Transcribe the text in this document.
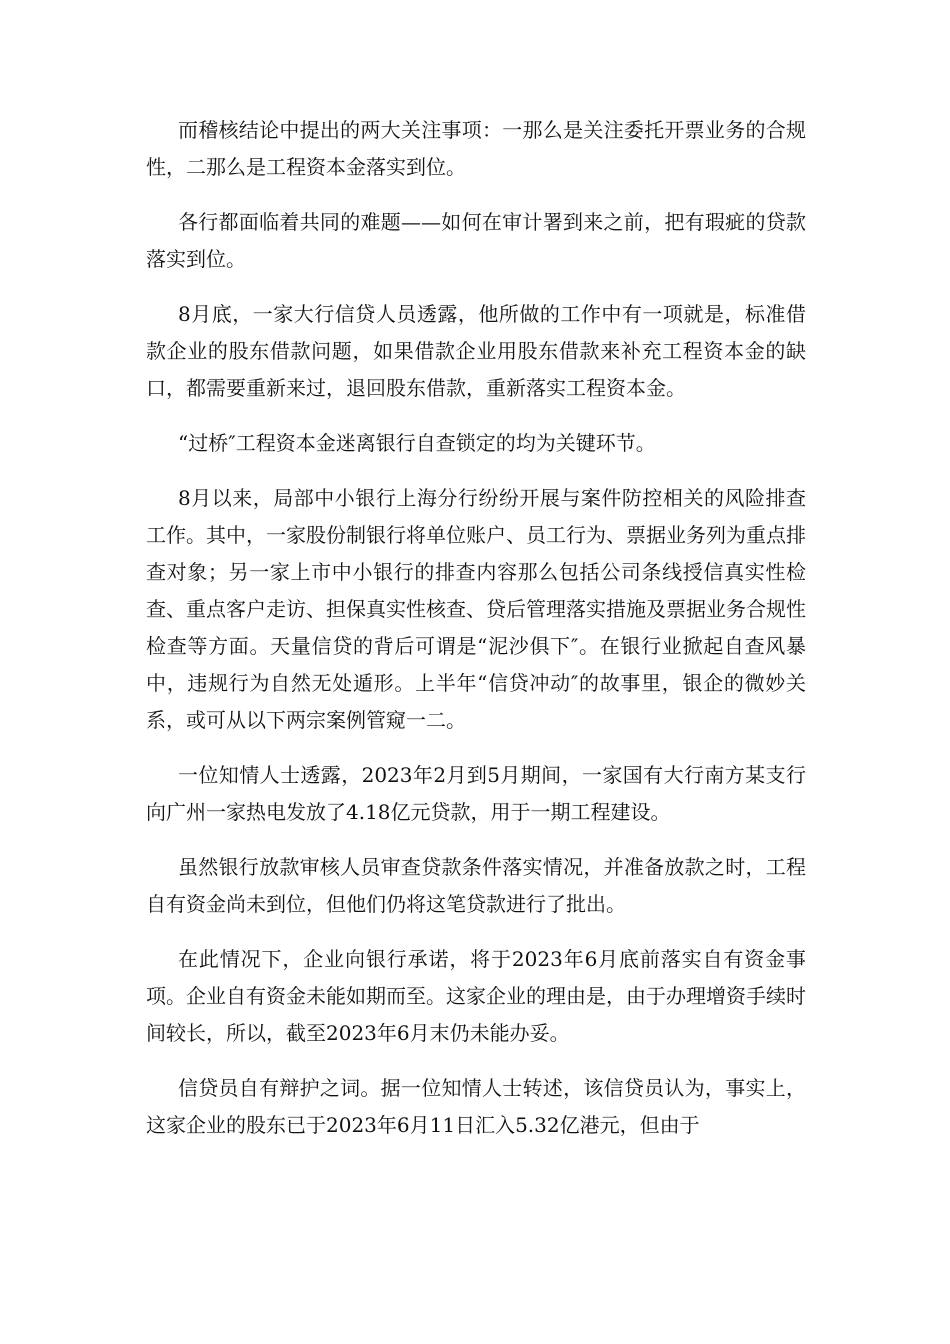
而稽核结论中提出的两大关注事项：一那么是关注委托开票业务的合规性，二那么是工程资本金落实到位。

各行都面临着共同的难题——如何在审计署到来之前，把有瑕疵的贷款落实到位。

8月底，一家大行信贷人员透露，他所做的工作中有一项就是，标准借款企业的股东借款问题，如果借款企业用股东借款来补充工程资本金的缺口，都需要重新来过，退回股东借款，重新落实工程资本金。

“过桥″工程资本金迷离银行自查锁定的均为关键环节。

8月以来，局部中小银行上海分行纷纷开展与案件防控相关的风险排查工作。其中，一家股份制银行将单位账户、员工行为、票据业务列为重点排查对象；另一家上市中小银行的排查内容那么包括公司条线授信真实性检查、重点客户走访、担保真实性核查、贷后管理落实措施及票据业务合规性检查等方面。天量信贷的背后可谓是“泥沙俱下″。在银行业掀起自查风暴中，违规行为自然无处遁形。上半年“信贷冲动″的故事里，银企的微妙关系，或可从以下两宗案例管窥一二。

一位知情人士透露，2023年2月到5月期间，一家国有大行南方某支行向广州一家热电发放了4.18亿元贷款，用于一期工程建设。

虽然银行放款审核人员审查贷款条件落实情况，并准备放款之时，工程自有资金尚未到位，但他们仍将这笔贷款进行了批出。

在此情况下，企业向银行承诺，将于2023年6月底前落实自有资金事项。企业自有资金未能如期而至。这家企业的理由是，由于办理增资手续时间较长，所以，截至2023年6月末仍未能办妥。

信贷员自有辩护之词。据一位知情人士转述，该信贷员认为，事实上，这家企业的股东已于2023年6月11日汇入5.32亿港元，但由于
